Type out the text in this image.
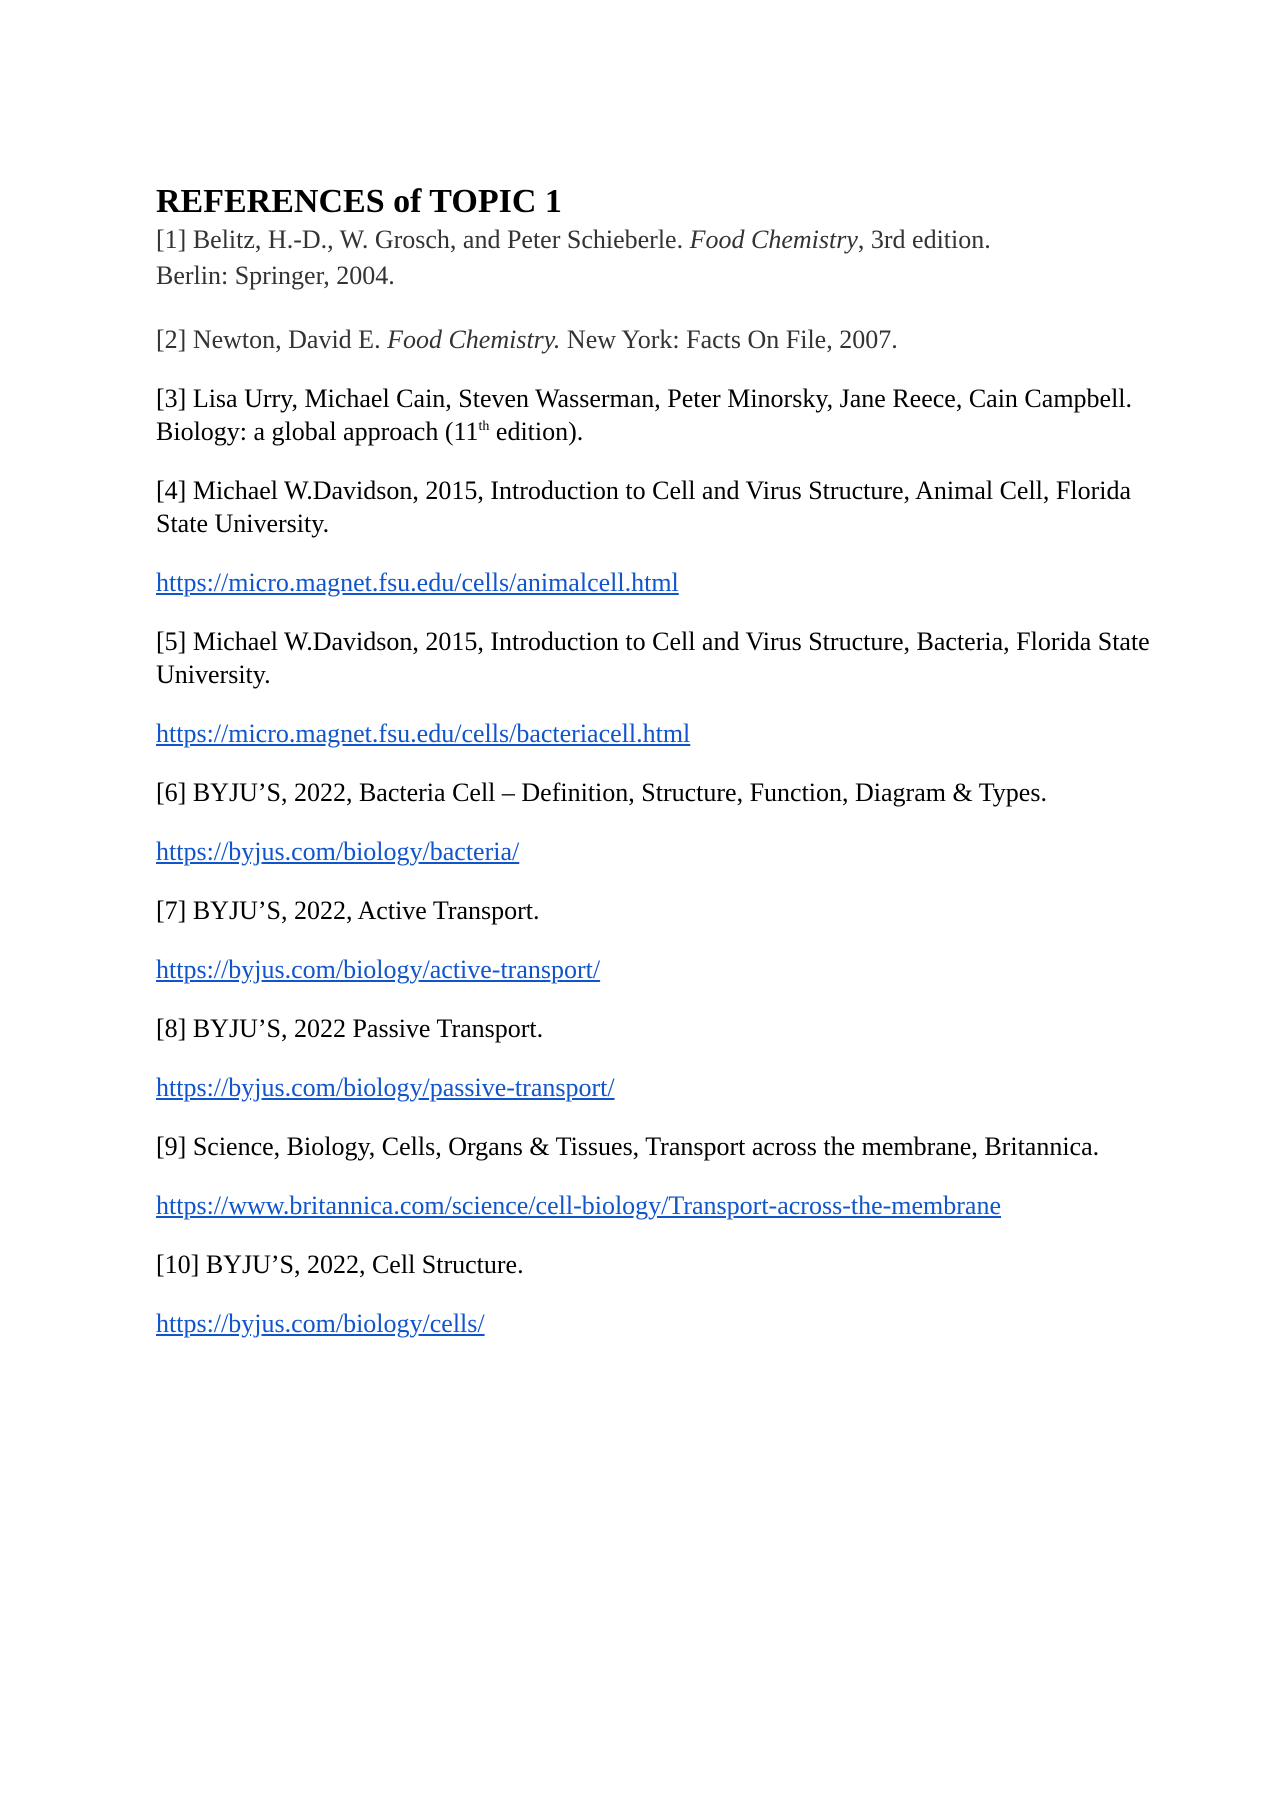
REFERENCES of TOPIC 1

[1] Belitz, H.-D., W. Grosch, and Peter Schieberle. Food Chemistry, 3rd edition.
Berlin: Springer, 2004.

[2] Newton, David E. Food Chemistry. New York: Facts On File, 2007.

[3] Lisa Urry, Michael Cain, Steven Wasserman, Peter Minorsky, Jane Reece, Cain Campbell. Biology: a global approach (11th edition).

[4] Michael W.Davidson, 2015, Introduction to Cell and Virus Structure, Animal Cell, Florida State University.

https://micro.magnet.fsu.edu/cells/animalcell.html

[5] Michael W.Davidson, 2015, Introduction to Cell and Virus Structure, Bacteria, Florida State University.

https://micro.magnet.fsu.edu/cells/bacteriacell.html

[6] BYJU’S, 2022, Bacteria Cell – Definition, Structure, Function, Diagram & Types.

https://byjus.com/biology/bacteria/

[7] BYJU’S, 2022, Active Transport.

https://byjus.com/biology/active-transport/

[8] BYJU’S, 2022 Passive Transport.

https://byjus.com/biology/passive-transport/

[9] Science, Biology, Cells, Organs & Tissues, Transport across the membrane, Britannica.

https://www.britannica.com/science/cell-biology/Transport-across-the-membrane

[10] BYJU’S, 2022, Cell Structure.

https://byjus.com/biology/cells/
